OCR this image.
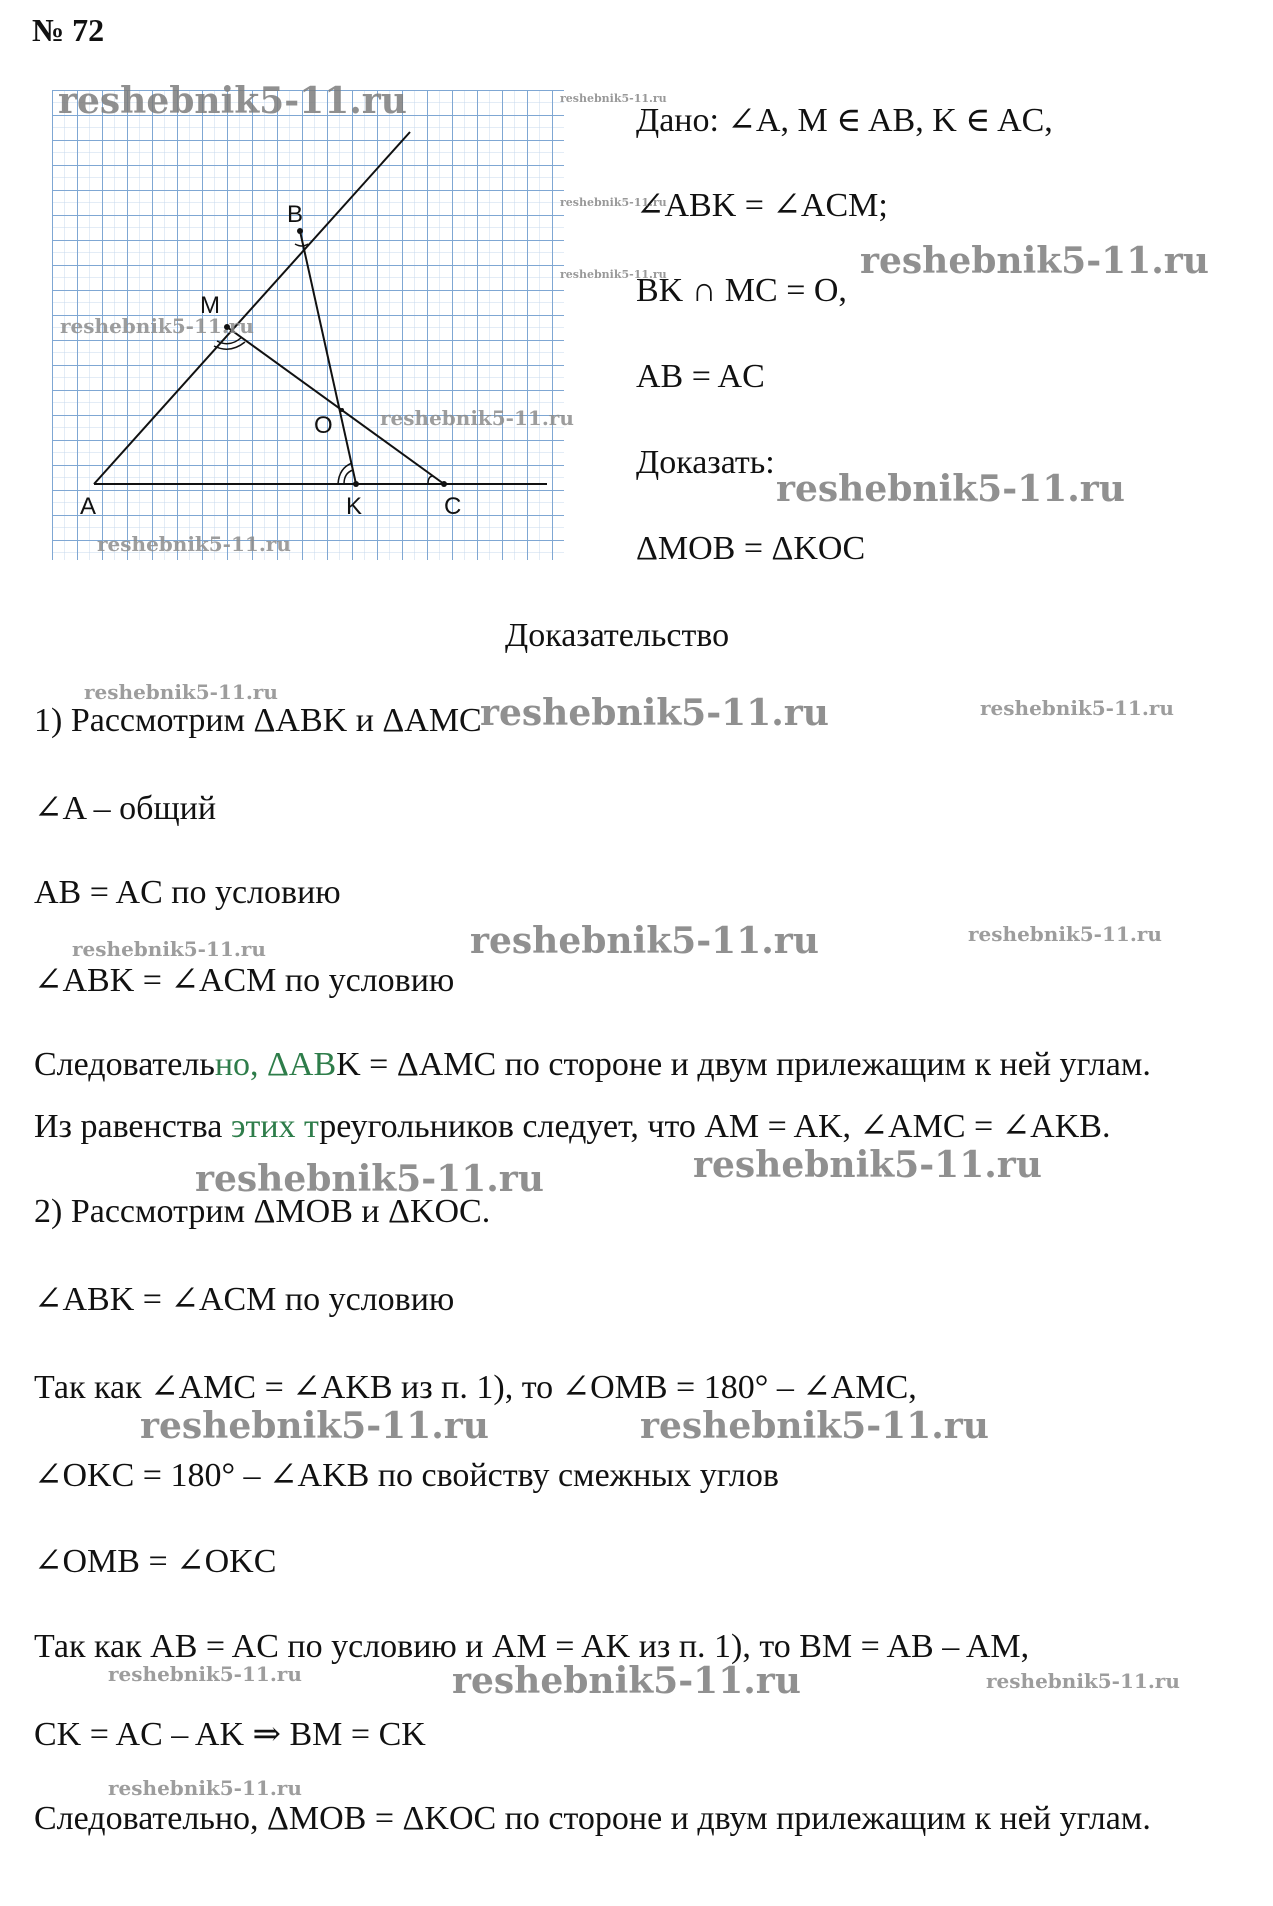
№ 72
B
M
O
A	K	C
Дано: ∠A, M ∈ AB, K ∈ AC,
∠ABK = ∠ACM;
BK ∩ MC = O,
AB = AC
Доказать:
ΔMOB = ΔKOC
Доказательство
1) Рассмотрим ΔABK и ΔAMC
∠A – общий
AB = AC по условию
∠ABK = ∠ACM по условию
Следовательно, ΔABK = ΔAMC по стороне и двум прилежащим к ней углам.
Из равенства этих треугольников следует, что AM = AK, ∠AMC = ∠AKB.
2) Рассмотрим ΔMOB и ΔKOC.
∠ABK = ∠ACM по условию
Так как ∠AMC = ∠AKB из п. 1), то ∠OMB = 180° – ∠AMC,
∠OKC = 180° – ∠AKB по свойству смежных углов
∠OMB = ∠OKC
Так как AB = AC по условию и AM = AK из п. 1), то BM = AB – AM,
CK = AC – AK ⇒ BM = CK
Следовательно, ΔMOB = ΔKOC по стороне и двум прилежащим к ней углам.
reshebnik5-11.ru	reshebnik5-11.ru
reshebnik5-11.ru
reshebnik5-11.ru	reshebnik5-11.ru
reshebnik5-11.ru
reshebnik5-11.ru
reshebnik5-11.ru
reshebnik5-11.ru
reshebnik5-11.ru	reshebnik5-11.ru	reshebnik5-11.ru
reshebnik5-11.ru	reshebnik5-11.ru	reshebnik5-11.ru
reshebnik5-11.ru	reshebnik5-11.ru
reshebnik5-11.ru	reshebnik5-11.ru
reshebnik5-11.ru	reshebnik5-11.ru	reshebnik5-11.ru
reshebnik5-11.ru
